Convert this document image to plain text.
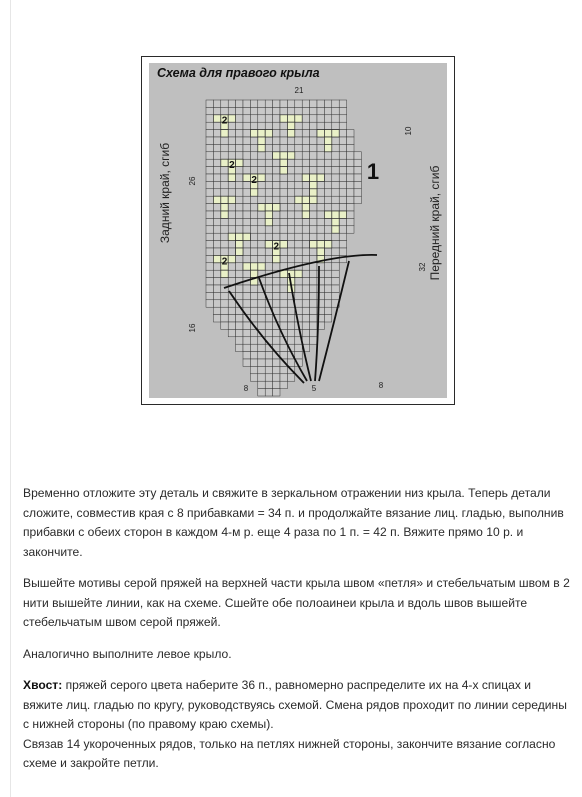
2
2
2
2
2
Схема для правого крыла
21
10
26
16
32
8	5	8
Задний край, сгиб	Передний край, сгиб
1

Временно отложите эту деталь и свяжите в зеркальном отражении низ крыла. Теперь детали сложите, совместив края с 8 прибавками = 34 п. и продолжайте вязание лиц. гладью, выполнив прибавки с обеих сторон в каждом 4-м р. еще 4 раза по 1 п. = 42 п. Вяжите прямо 10 р. и закончите.

Вышейте мотивы серой пряжей на верхней части крыла швом «петля» и стебельчатым швом в 2 нити вышейте линии, как на схеме. Сшейте обе полоаинеи крыла и вдоль швов вышейте стебельчатым швом серой пряжей.

Аналогично выполните левое крыло.

Хвост: пряжей серого цвета наберите 36 п., равномерно распределите их на 4-х спицах и вяжите лиц. гладью по кругу, руководствуясь схемой. Смена рядов проходит по линии середины с нижней стороны (по правому краю схемы).

Связав 14 укороченных рядов, только на петлях нижней стороны, закончите вязание согласно схеме и закройте петли.
